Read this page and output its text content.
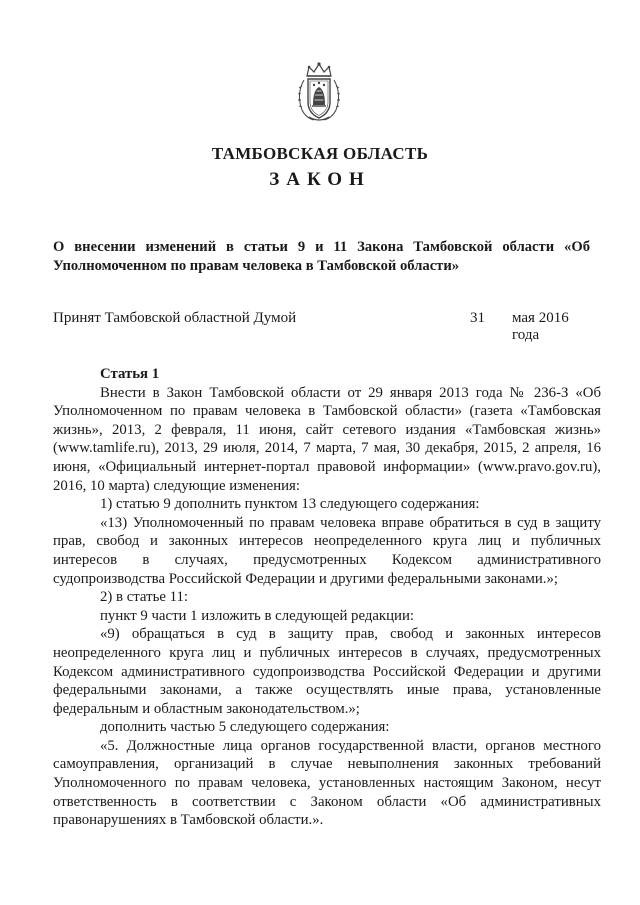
ТАМБОВСКАЯ ОБЛАСТЬ
ЗАКОН
О внесении изменений в статьи 9 и 11 Закона Тамбовской области «Об Уполномоченном по правам человека в Тамбовской области»
Принят Тамбовской областной Думой	31 мая 2016 года

Статья 1

Внести в Закон Тамбовской области от 29 января 2013 года № 236-З «Об Уполномоченном по правам человека в Тамбовской области» (газета «Тамбовская жизнь», 2013, 2 февраля, 11 июня, сайт сетевого издания «Тамбовская жизнь» (www.tamlife.ru), 2013, 29 июля, 2014, 7 марта, 7 мая, 30 декабря, 2015, 2 апреля, 16 июня, «Официальный интернет-портал правовой информации» (www.pravo.gov.ru), 2016, 10 марта) следующие изменения:

1) статью 9 дополнить пунктом 13 следующего содержания:

«13) Уполномоченный по правам человека вправе обратиться в суд в защиту прав, свобод и законных интересов неопределенного круга лиц и публичных интересов в случаях, предусмотренных Кодексом административного судопроизводства Российской Федерации и другими федеральными законами.»;

2) в статье 11:

пункт 9 части 1 изложить в следующей редакции:

«9) обращаться в суд в защиту прав, свобод и законных интересов неопределенного круга лиц и публичных интересов в случаях, предусмотренных Кодексом административного судопроизводства Российской Федерации и другими федеральными законами, а также осуществлять иные права, установленные федеральным и областным законодательством.»;

дополнить частью 5 следующего содержания:

«5. Должностные лица органов государственной власти, органов местного самоуправления, организаций в случае невыполнения законных требований Уполномоченного по правам человека, установленных настоящим Законом, несут ответственность в соответствии с Законом области «Об административных правонарушениях в Тамбовской области.».
